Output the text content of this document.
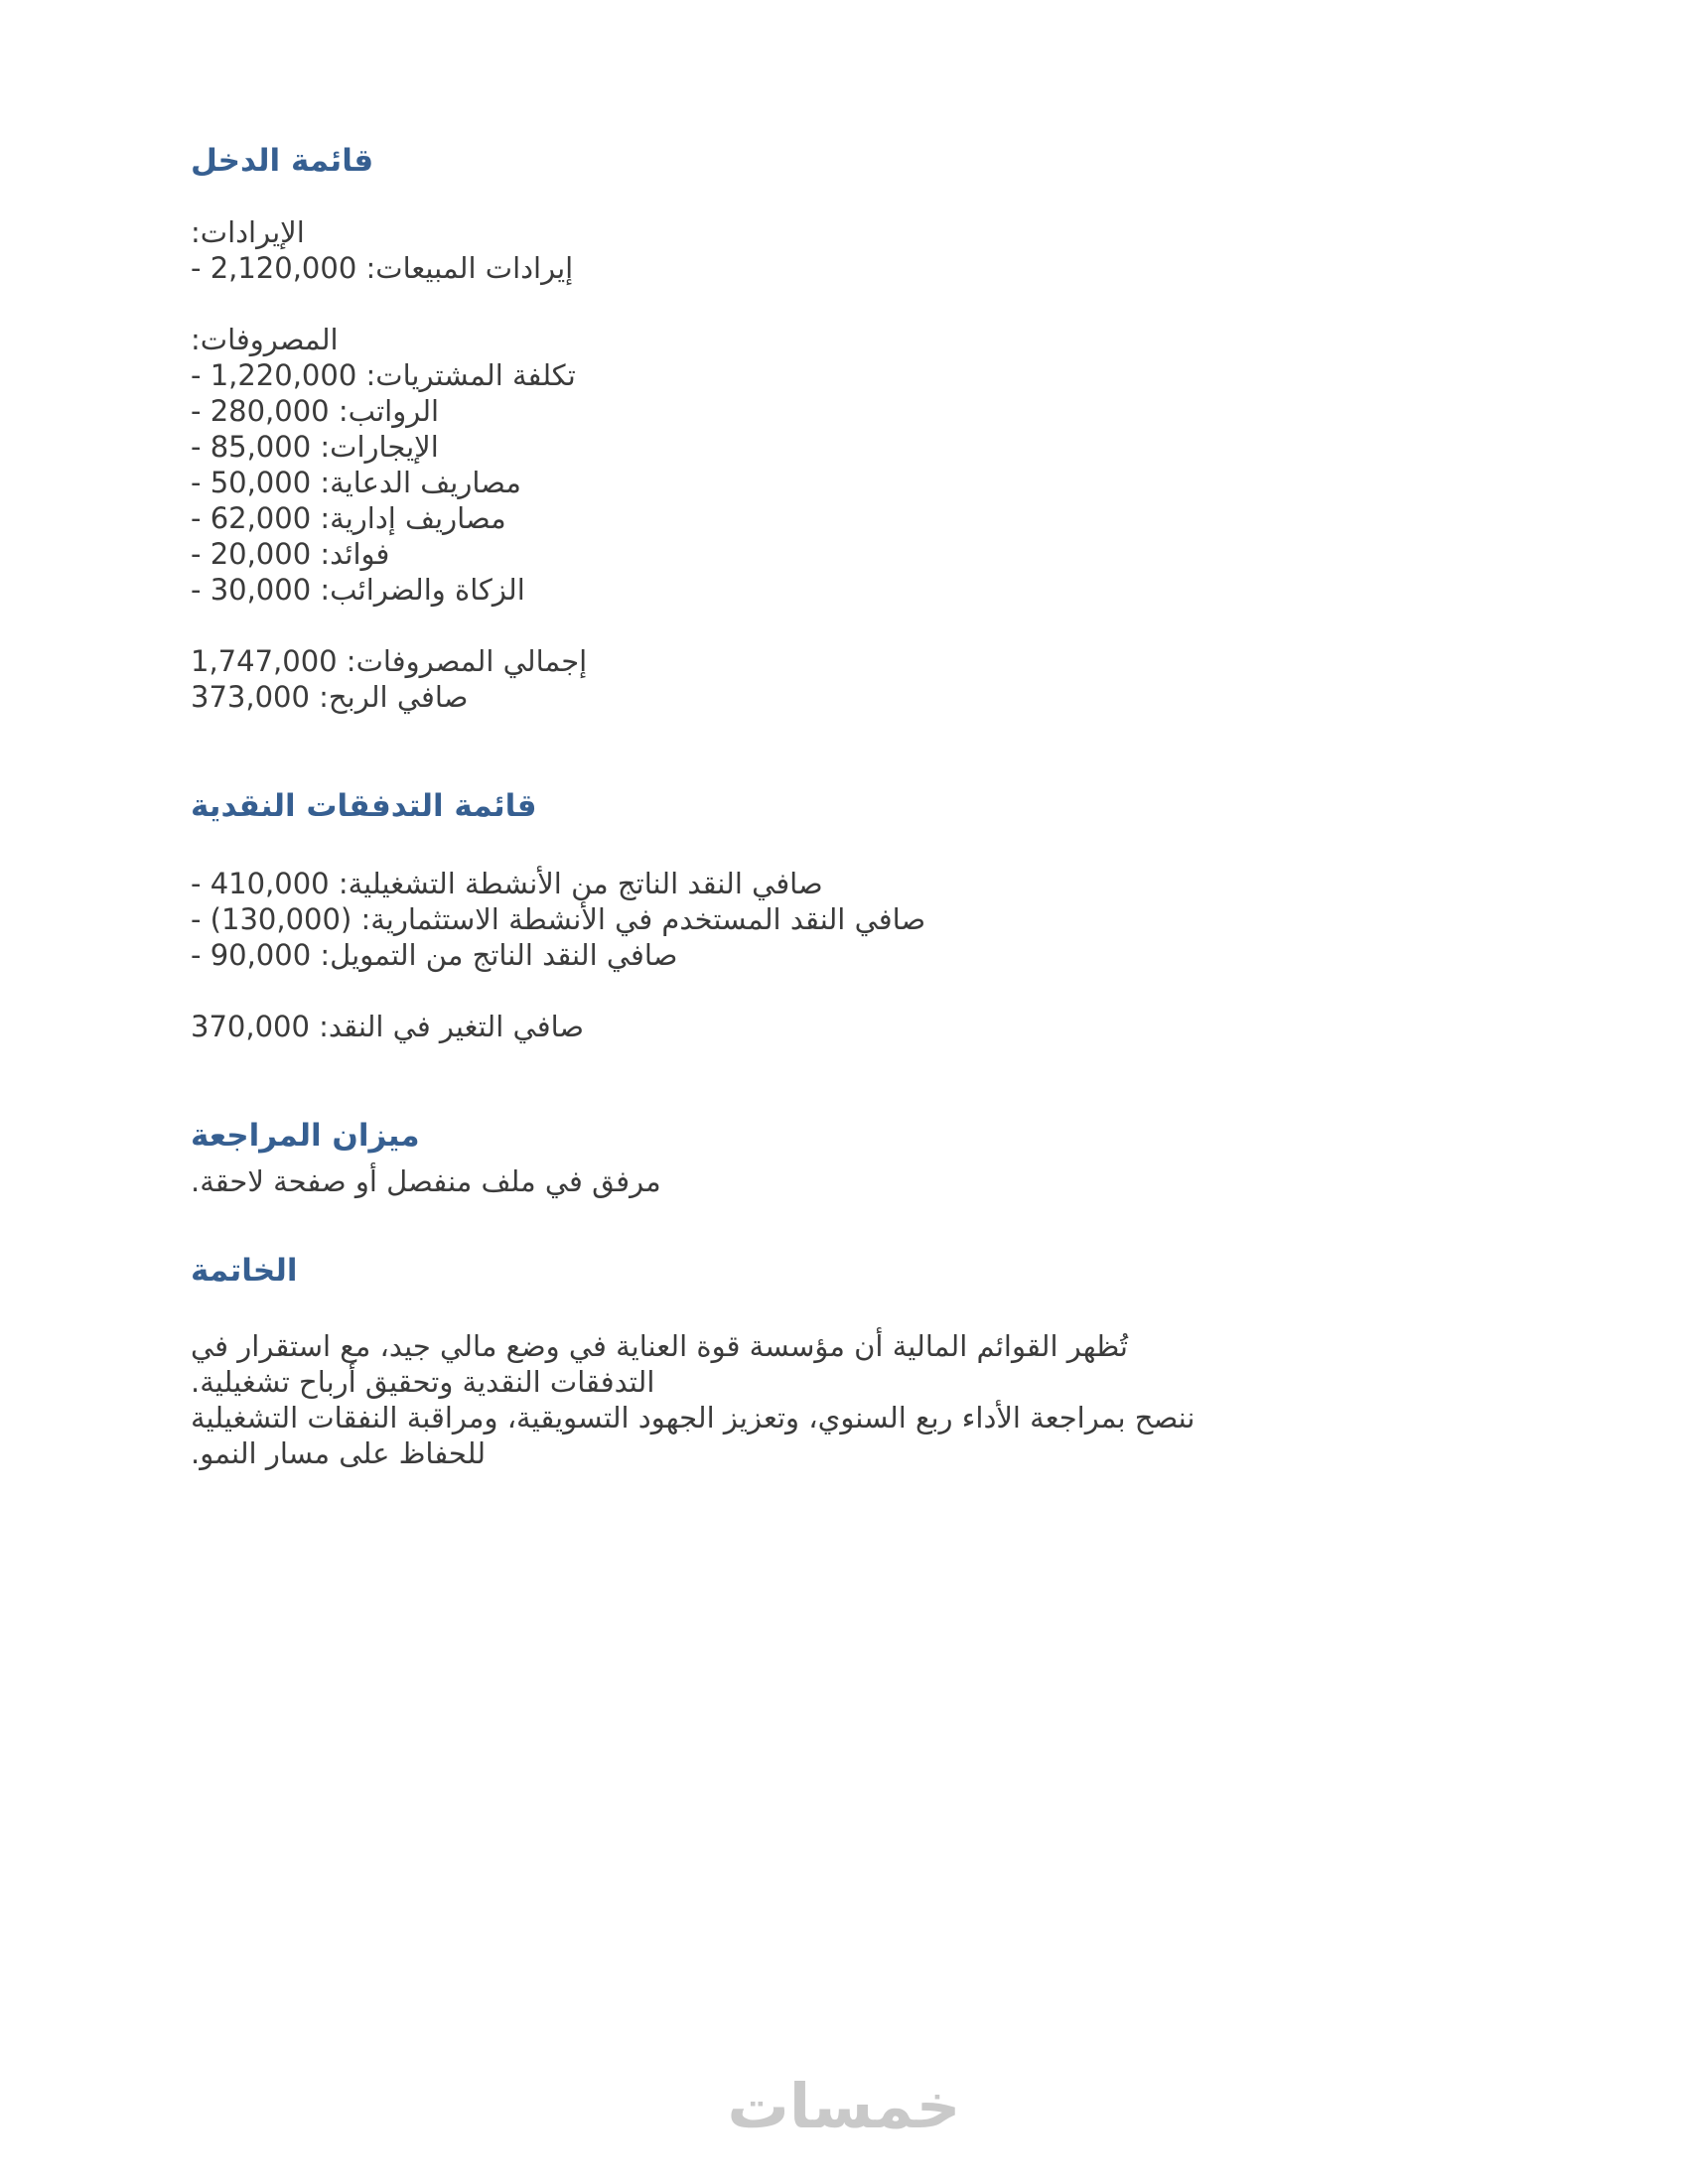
قائمة الدخل

الإيرادات:

إيرادات المبيعات: 2,120,000 -

المصروفات:

تكلفة المشتريات: 1,220,000 -

الرواتب: 280,000 -

الإيجارات: 85,000 -

مصاريف الدعاية: 50,000 -

مصاريف إدارية: 62,000 -

فوائد: 20,000 -

الزكاة والضرائب: 30,000 -

إجمالي المصروفات: 1,747,000

صافي الربح: 373,000

قائمة التدفقات النقدية

صافي النقد الناتج من الأنشطة التشغيلية: 410,000 -

صافي النقد المستخدم في الأنشطة الاستثمارية: (130,000) -

صافي النقد الناتج من التمويل: 90,000 -

صافي التغير في النقد: 370,000

ميزان المراجعة

مرفق في ملف منفصل أو صفحة لاحقة.

الخاتمة

تُظهر القوائم المالية أن مؤسسة قوة العناية في وضع مالي جيد، مع استقرار في التدفقات النقدية وتحقيق أرباح تشغيلية.

ننصح بمراجعة الأداء ربع السنوي، وتعزيز الجهود التسويقية، ومراقبة النفقات التشغيلية للحفاظ على مسار النمو.

خمسات
